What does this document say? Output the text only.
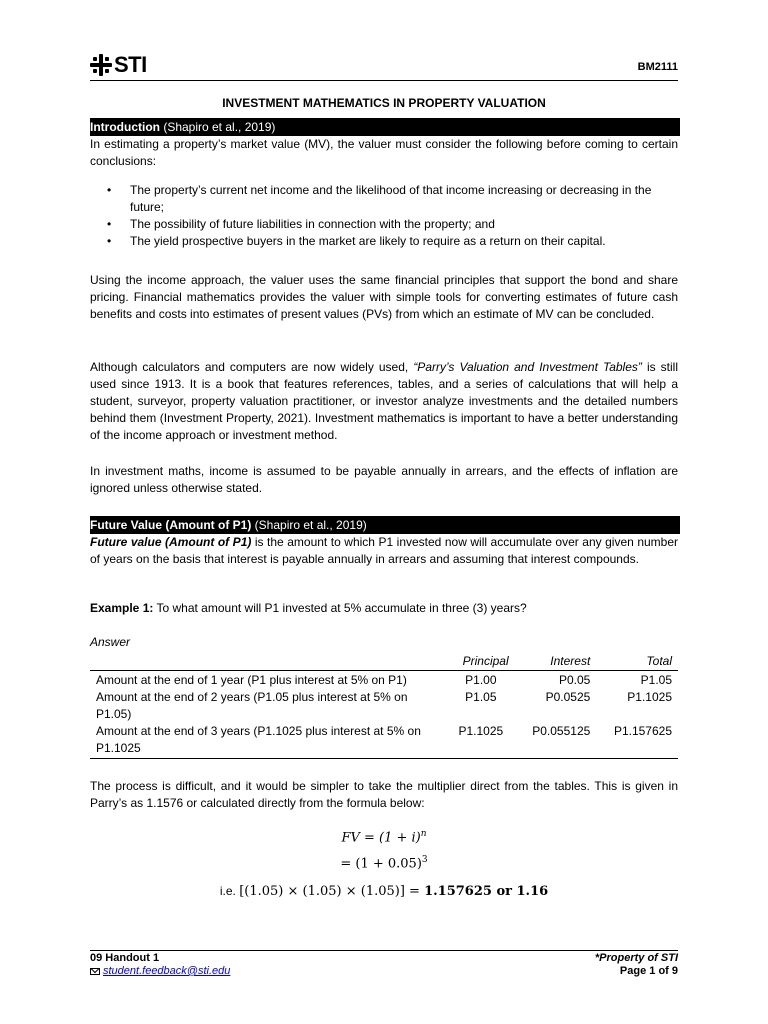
STI	BM2111
INVESTMENT MATHEMATICS IN PROPERTY VALUATION
Introduction (Shapiro et al., 2019)
In estimating a property’s market value (MV), the valuer must consider the following before coming to certain conclusions:
• The property’s current net income and the likelihood of that income increasing or decreasing in the future;
• The possibility of future liabilities in connection with the property; and
• The yield prospective buyers in the market are likely to require as a return on their capital.
Using the income approach, the valuer uses the same financial principles that support the bond and share pricing. Financial mathematics provides the valuer with simple tools for converting estimates of future cash benefits and costs into estimates of present values (PVs) from which an estimate of MV can be concluded.
Although calculators and computers are now widely used, “Parry’s Valuation and Investment Tables” is still used since 1913. It is a book that features references, tables, and a series of calculations that will help a student, surveyor, property valuation practitioner, or investor analyze investments and the detailed numbers behind them (Investment Property, 2021). Investment mathematics is important to have a better understanding of the income approach or investment method.
In investment maths, income is assumed to be payable annually in arrears, and the effects of inflation are ignored unless otherwise stated.
Future Value (Amount of P1) (Shapiro et al., 2019)
Future value (Amount of P1) is the amount to which P1 invested now will accumulate over any given number of years on the basis that interest is payable annually in arrears and assuming that interest compounds.
Example 1: To what amount will P1 invested at 5% accumulate in three (3) years?
Answer
	Principal	Interest	Total
Amount at the end of 1 year (P1 plus interest at 5% on P1)	P1.00	P0.05	P1.05
Amount at the end of 2 years (P1.05 plus interest at 5% on P1.05)	P1.05	P0.0525	P1.1025
Amount at the end of 3 years (P1.1025 plus interest at 5% on P1.1025	P1.1025	P0.055125	P1.157625
The process is difficult, and it would be simpler to take the multiplier direct from the tables. This is given in Parry’s as 1.1576 or calculated directly from the formula below:
FV = $(1 + i)^n$
= $(1 + 0.05)^3$
i.e. [(1.05) × (1.05) × (1.05)] = 1.157625 or 1.16
09 Handout 1
student.feedback@sti.edu
*Property of STI
Page 1 of 9
